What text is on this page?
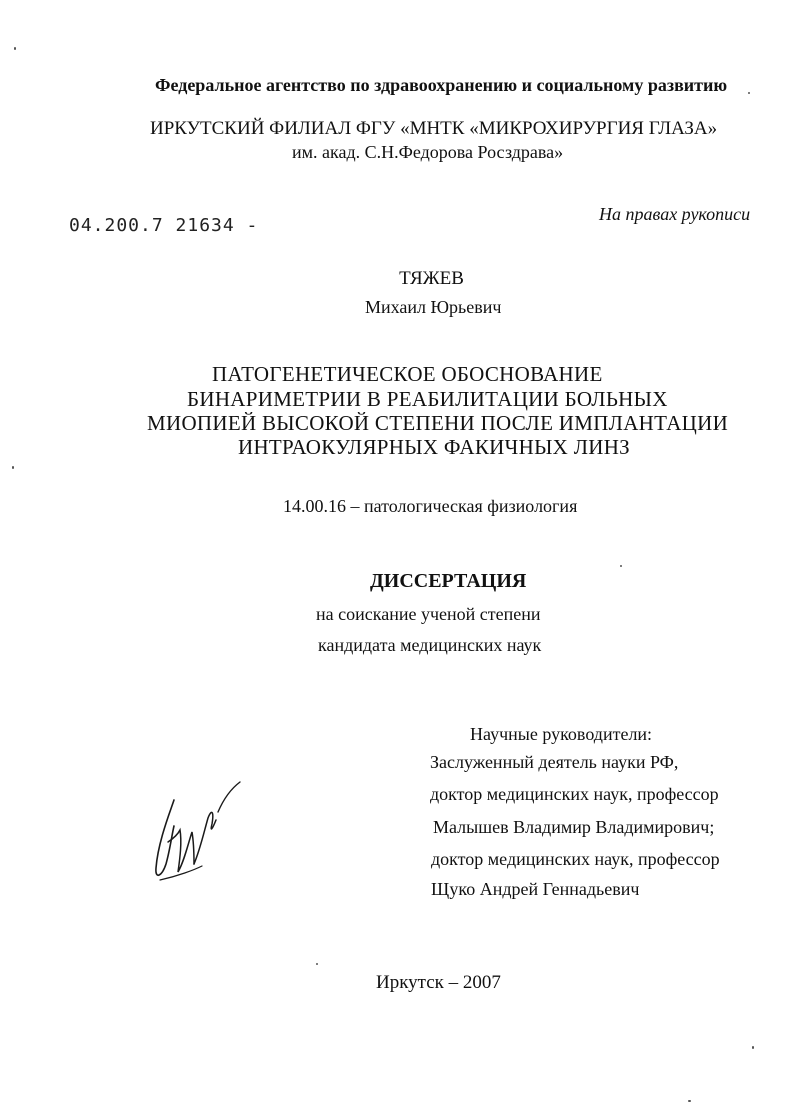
Федеральное агентство по здравоохранению и социальному развитию
ИРКУТСКИЙ ФИЛИАЛ ФГУ «МНТК «МИКРОХИРУРГИЯ ГЛАЗА»
им. акад. С.Н.Федорова Росздрава»
04.200.7 21634 -
На правах рукописи
ТЯЖЕВ
Михаил Юрьевич
ПАТОГЕНЕТИЧЕСКОЕ ОБОСНОВАНИЕ
БИНАРИМЕТРИИ В РЕАБИЛИТАЦИИ БОЛЬНЫХ
МИОПИЕЙ ВЫСОКОЙ СТЕПЕНИ ПОСЛЕ ИМПЛАНТАЦИИ
ИНТРАОКУЛЯРНЫХ ФАКИЧНЫХ ЛИНЗ
14.00.16 – патологическая физиология
ДИССЕРТАЦИЯ
на соискание ученой степени
кандидата медицинских наук
Научные руководители:
Заслуженный деятель науки РФ,
доктор медицинских наук, профессор
Малышев Владимир Владимирович;
доктор медицинских наук, профессор
Щуко Андрей Геннадьевич
Иркутск – 2007
